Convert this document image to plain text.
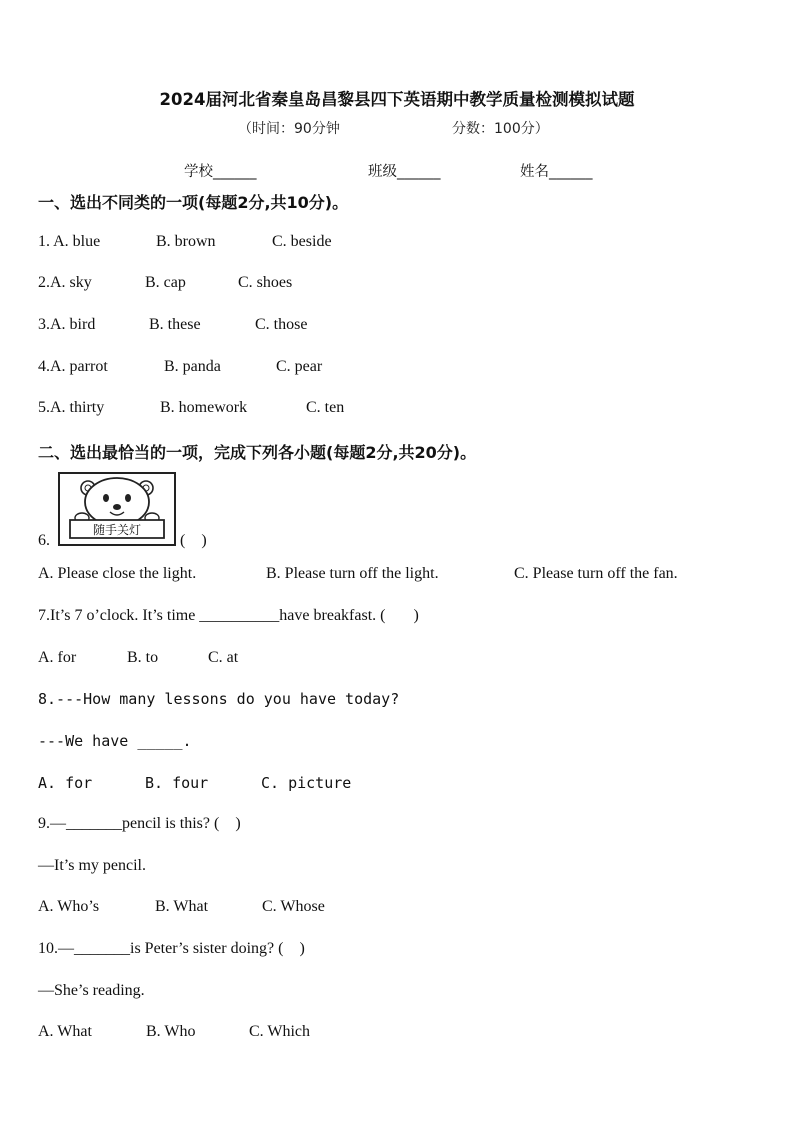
2024届河北省秦皇岛昌黎县四下英语期中教学质量检测模拟试题
（时间：90分钟	分数：100分）
学校______	班级______	姓名______
一、选出不同类的一项(每题2分,共10分)。
1. A. blue	B. brown	C. beside
2.A. sky	B. cap	C. shoes
3.A. bird	B. these	C. those
4.A. parrot	B. panda	C. pear
5.A. thirty	B. homework	C. ten
二、选出最恰当的一项，完成下列各小题(每题2分,共20分)。
6.
随手关灯
(    )
A. Please close the light.	B. Please turn off the light.	C. Please turn off the fan.
7.It’s 7 o’clock. It’s time __________have breakfast. (       )
A. for	B. to	C. at
8.---How many lessons do you have today?
---We have _____.
A. for	B. four	C. picture
9.—_______pencil is this? (    )
—It’s my pencil.
A. Who’s	B. What	C. Whose
10.—_______is Peter’s sister doing? (    )
—She’s reading.
A. What	B. Who	C. Which
